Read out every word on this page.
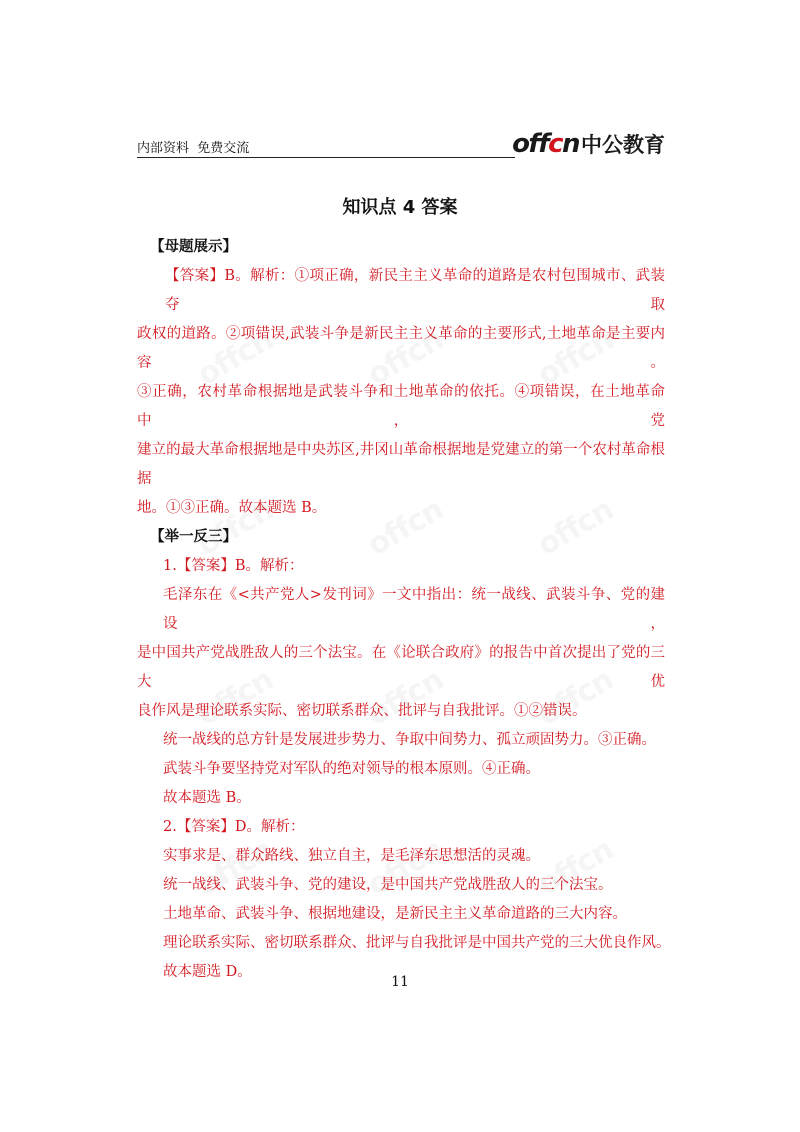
内部资料  免费交流	offcn 中公教育
知识点 4 答案
【母题展示】
【答案】B。解析：①项正确，新民主主义革命的道路是农村包围城市、武装夺取
政权的道路。②项错误,武装斗争是新民主主义革命的主要形式,土地革命是主要内容。
③正确，农村革命根据地是武装斗争和土地革命的依托。④项错误，在土地革命中，党
建立的最大革命根据地是中央苏区,井冈山革命根据地是党建立的第一个农村革命根据
地。①③正确。故本题选 B。
【举一反三】
1.【答案】B。解析：
毛泽东在《<共产党人>发刊词》一文中指出：统一战线、武装斗争、党的建设，
是中国共产党战胜敌人的三个法宝。在《论联合政府》的报告中首次提出了党的三大优
良作风是理论联系实际、密切联系群众、批评与自我批评。①②错误。
统一战线的总方针是发展进步势力、争取中间势力、孤立顽固势力。③正确。
武装斗争要坚持党对军队的绝对领导的根本原则。④正确。
故本题选 B。
2.【答案】D。解析：
实事求是、群众路线、独立自主，是毛泽东思想活的灵魂。
统一战线、武装斗争、党的建设，是中国共产党战胜敌人的三个法宝。
土地革命、武装斗争、根据地建设，是新民主主义革命道路的三大内容。
理论联系实际、密切联系群众、批评与自我批评是中国共产党的三大优良作风。
故本题选 D。
11
